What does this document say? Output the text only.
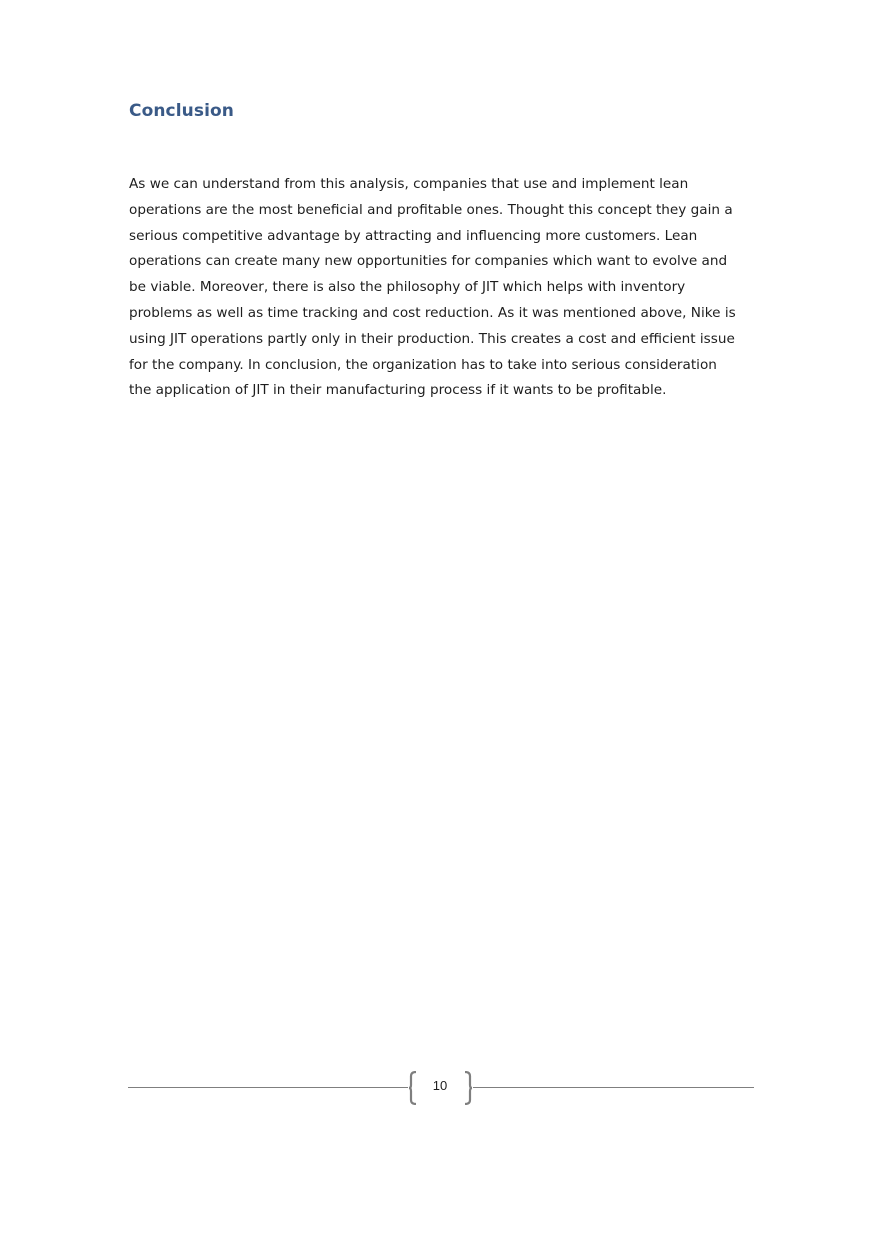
Conclusion

As we can understand from this analysis, companies that use and implement lean
operations are the most beneficial and profitable ones. Thought this concept they gain a
serious competitive advantage by attracting and influencing more customers. Lean
operations can create many new opportunities for companies which want to evolve and
be viable. Moreover, there is also the philosophy of JIT which helps with inventory
problems as well as time tracking and cost reduction. As it was mentioned above, Nike is
using JIT operations partly only in their production. This creates a cost and efficient issue
for the company. In conclusion, the organization has to take into serious consideration
the application of JIT in their manufacturing process if it wants to be profitable.

10
